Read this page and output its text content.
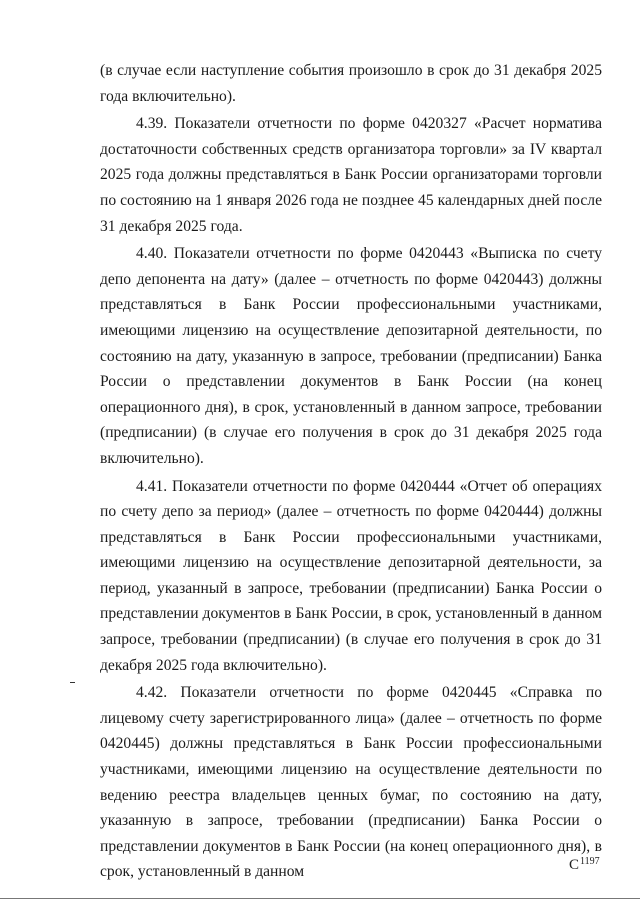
(в случае если наступление события произошло в срок до 31 декабря 2025 года включительно).

4.39. Показатели отчетности по форме 0420327 «Расчет норматива достаточности собственных средств организатора торговли» за IV квартал 2025 года должны представляться в Банк России организаторами торговли по состоянию на 1 января 2026 года не позднее 45 календарных дней после 31 декабря 2025 года.

4.40. Показатели отчетности по форме 0420443 «Выписка по счету депо депонента на дату» (далее – отчетность по форме 0420443) должны представляться в Банк России профессиональными участниками, имеющими лицензию на осуществление депозитарной деятельности, по состоянию на дату, указанную в запросе, требовании (предписании) Банка России о представлении документов в Банк России (на конец операционного дня), в срок, установленный в данном запросе, требовании (предписании) (в случае его получения в срок до 31 декабря 2025 года включительно).

4.41. Показатели отчетности по форме 0420444 «Отчет об операциях по счету депо за период» (далее – отчетность по форме 0420444) должны представляться в Банк России профессиональными участниками, имеющими лицензию на осуществление депозитарной деятельности, за период, указанный в запросе, требовании (предписании) Банка России о представлении документов в Банк России, в срок, установленный в данном запросе, требовании (предписании) (в случае его получения в срок до 31 декабря 2025 года включительно).

4.42. Показатели отчетности по форме 0420445 «Справка по лицевому счету зарегистрированного лица» (далее – отчетность по форме 0420445) должны представляться в Банк России профессиональными участниками, имеющими лицензию на осуществление деятельности по ведению реестра владельцев ценных бумаг, по состоянию на дату, указанную в запросе, требовании (предписании) Банка России о представлении документов в Банк России (на конец операционного дня), в срок, установленный в данном	$С^{1197}$
